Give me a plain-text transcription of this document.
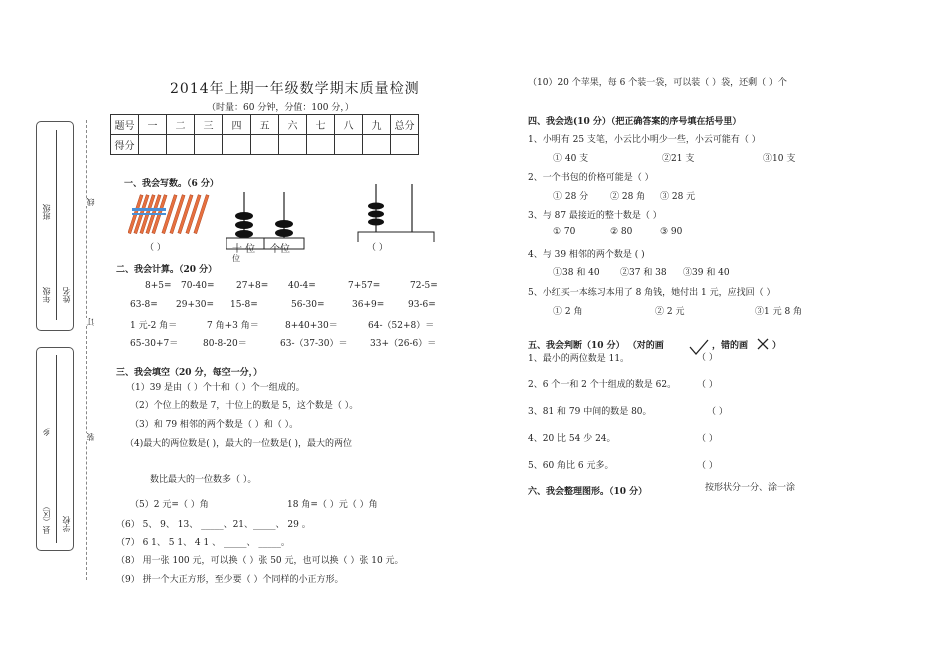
班级
年级 姓名
乡
县（区） 学校
线
订
装
2014年上期一年级数学期末质量检测
（时量：60 分钟，分值：100 分，）
题号	一	二	三	四	五	六	七	八	九	总分
得分										
一、我会写数。（6 分）
（ ）	十 位 个位
位
（ ）
二、我会计算。（20 分）
8+5= 70-40= 27+8= 40-4=	7+57=	72-5=
63-8= 29+30= 15-8=	56-30=	36+9=	93-6=
1 元-2 角＝	7 角+3 角＝	8+40+30＝	64-（52+8）＝
65-30+7＝	80-8-20＝	63-（37-30）＝	33+（26-6）＝
三、我会填空（20 分，每空一分，）
（1）39 是由（ ）个十和（ ）个一组成的。
（2）个位上的数是 7，十位上的数是 5，这个数是（ ）。
（3）和 79 相邻的两个数是（ ）和（ ）。
（4)最大的两位数是( )，最大的一位数是( )，最大的两位
数比最大的一位数多（ ）。
（5）2 元=（ ）角	18 角=（ ）元（ ）角
（6） 5、 9、 13、 _____、21、_____、 29 。
（7） 6 1、 5 1、 4 1 、 _____、 _____。
（8） 用一张 100 元，可以换（ ）张 50 元，也可以换（ ）张 10 元。
（9） 拼一个大正方形，至少要（ ）个同样的小正方形。
（10）20 个苹果，每 6 个装一袋，可以装（ ）袋，还剩（ ）个
四、我会选(10 分）（把正确答案的序号填在括号里）
1、小明有 25 支笔，小云比小明少一些，小云可能有（ ）
① 40 支	②21 支	③10 支
2、一个书包的价格可能是（ ）
① 28 分 ② 28 角 ③ 28 元
3、与 87 最接近的整十数是（ ）
① 70	② 80	③ 90
4、与 39 相邻的两个数是 ( )
①38 和 40 ②37 和 38 ③39 和 40
5、小红买一本练习本用了 8 角钱，她付出 1 元，应找回（ ）
① 2 角	② 2 元	③1 元 8 角
五、我会判断（10 分） （对的画	，错的画	）
1、最小的两位数是 11。	（ ）
2、6 个一和 2 个十组成的数是 62。 （ ）
3、81 和 79 中间的数是 80。	（ ）
4、20 比 54 少 24。	（ ）
5、60 角比 6 元多。	（ ）
六、我会整理图形。（10 分）	按形状分一分、涂一涂
